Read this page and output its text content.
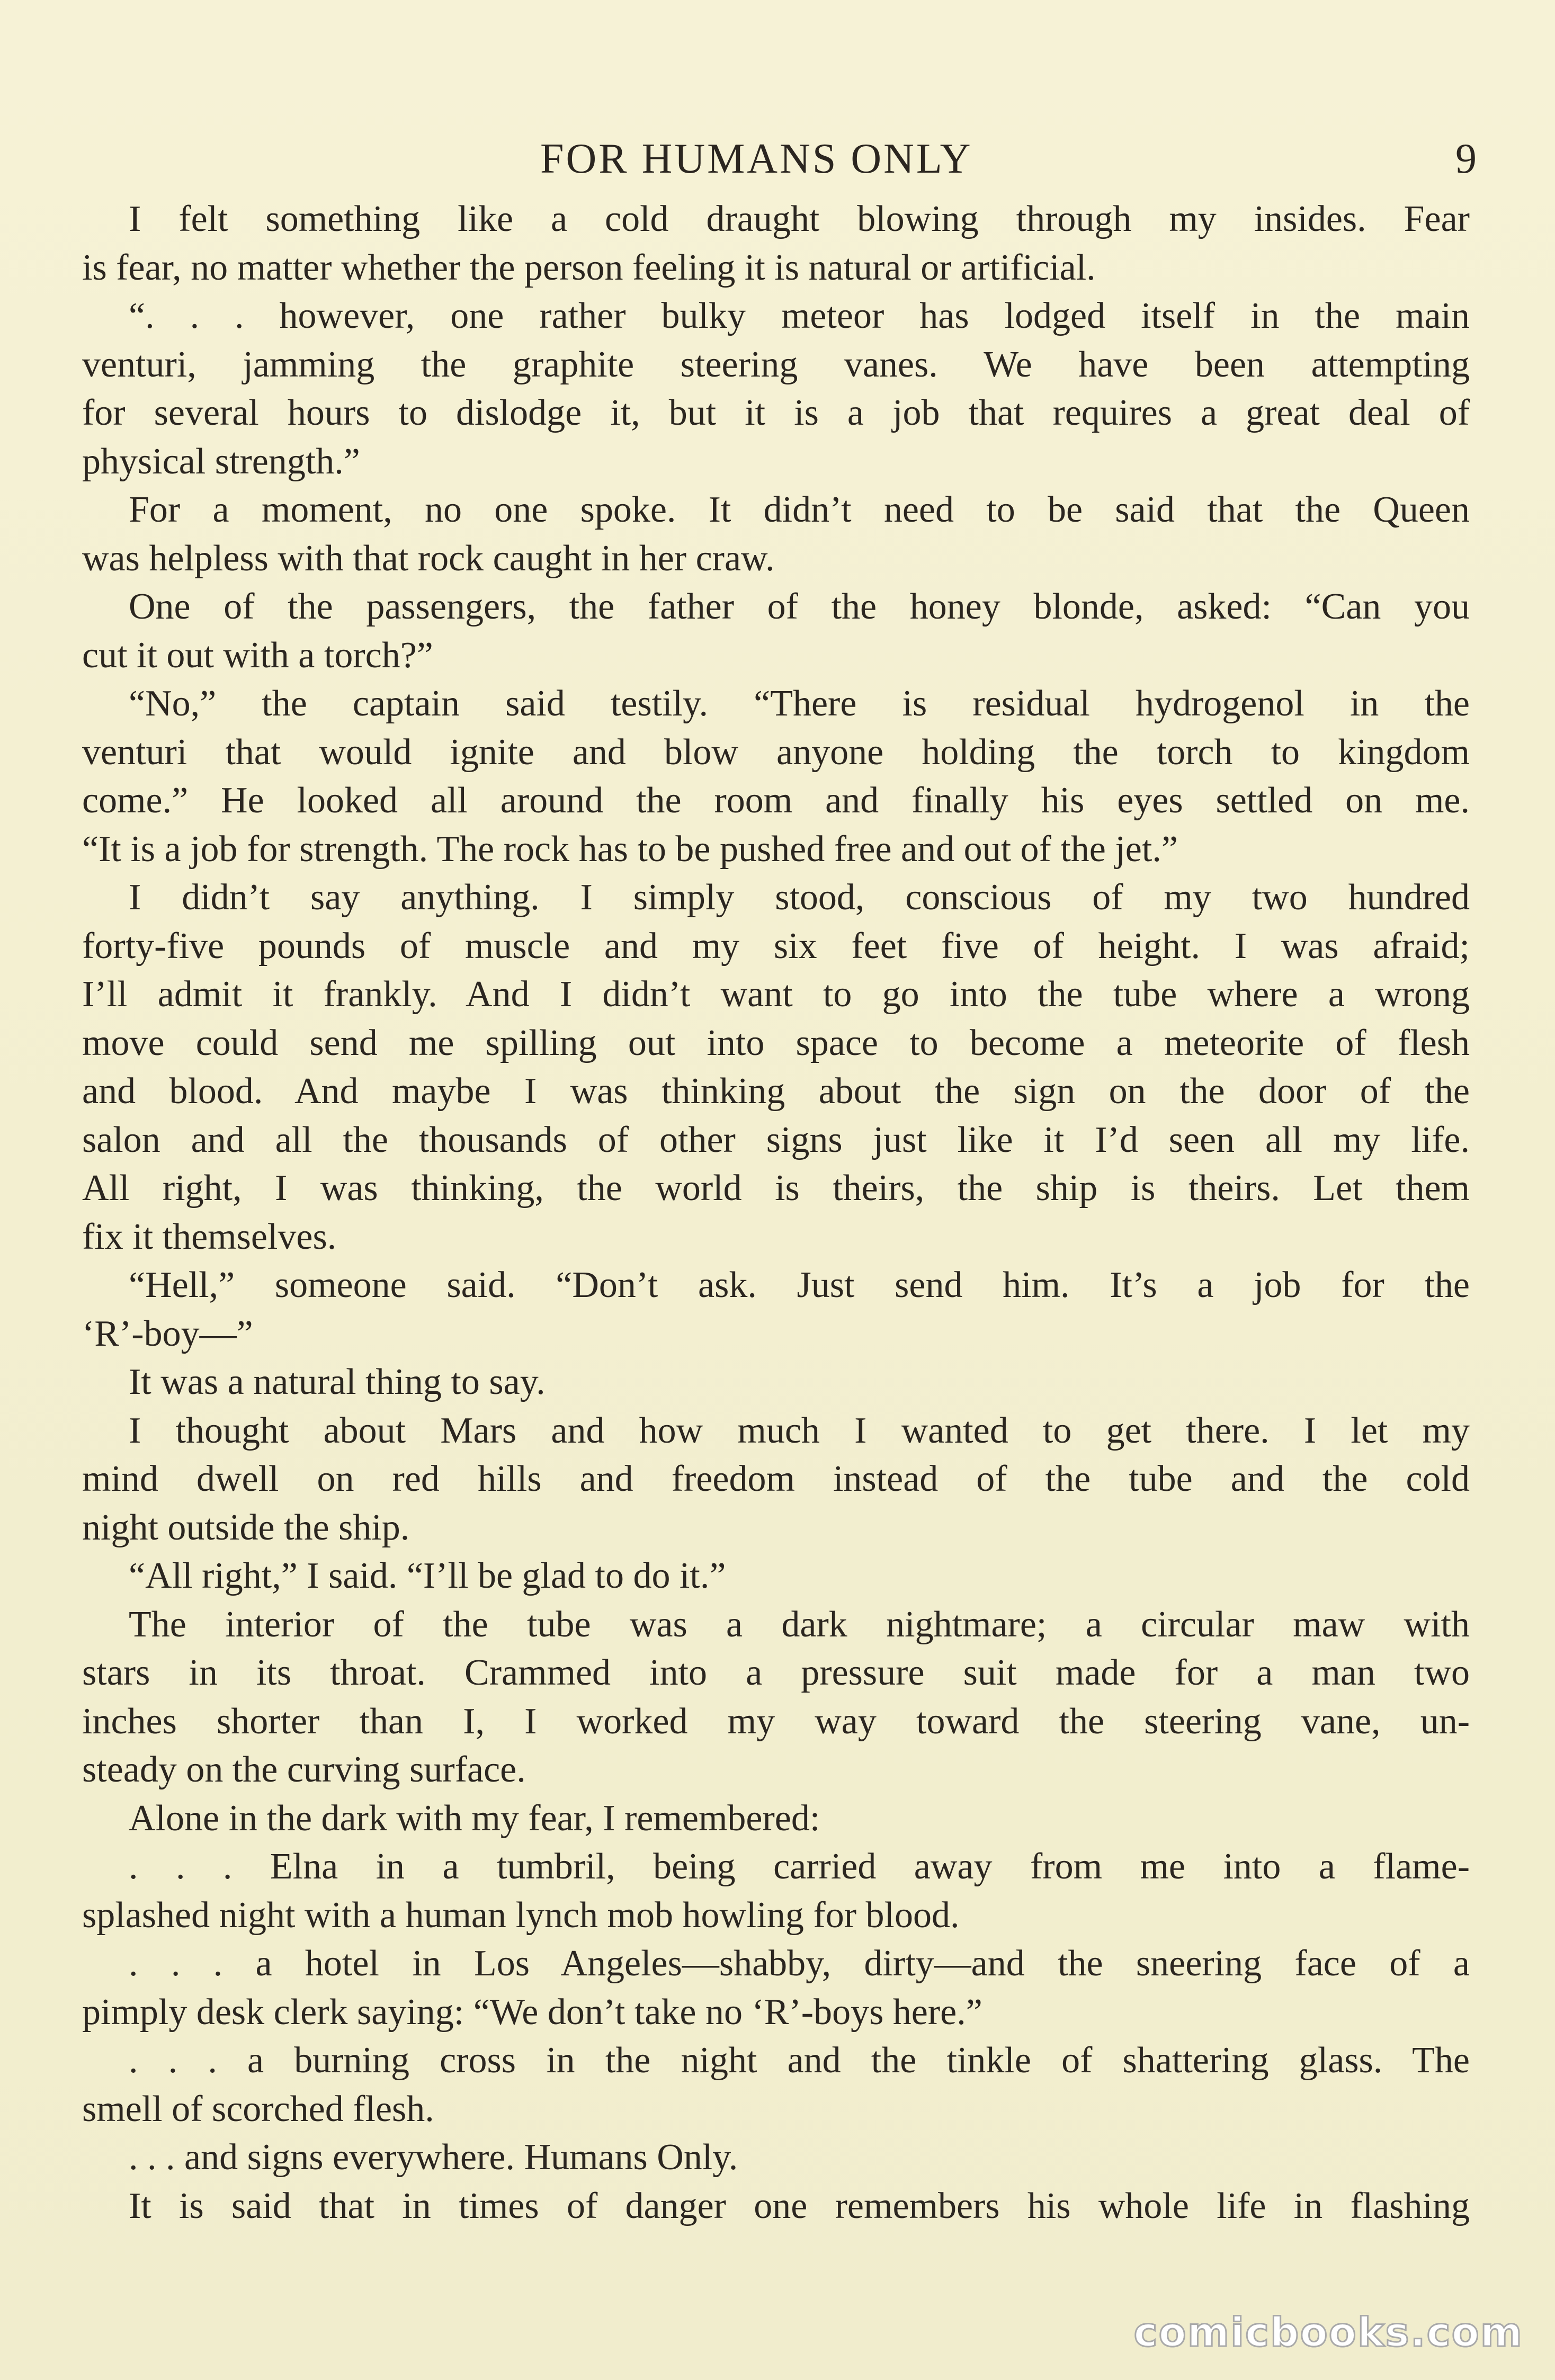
FOR HUMANS ONLY	9
I felt something like a cold draught blowing through my insides. Fear
is fear, no matter whether the person feeling it is natural or artificial.
“. . . however, one rather bulky meteor has lodged itself in the main
venturi, jamming the graphite steering vanes. We have been attempting
for several hours to dislodge it, but it is a job that requires a great deal of
physical strength.”
For a moment, no one spoke. It didn’t need to be said that the Queen
was helpless with that rock caught in her craw.
One of the passengers, the father of the honey blonde, asked: “Can you
cut it out with a torch?”
“No,” the captain said testily. “There is residual hydrogenol in the
venturi that would ignite and blow anyone holding the torch to kingdom
come.” He looked all around the room and finally his eyes settled on me.
“It is a job for strength. The rock has to be pushed free and out of the jet.”
I didn’t say anything. I simply stood, conscious of my two hundred
forty-five pounds of muscle and my six feet five of height. I was afraid;
I’ll admit it frankly. And I didn’t want to go into the tube where a wrong
move could send me spilling out into space to become a meteorite of flesh
and blood. And maybe I was thinking about the sign on the door of the
salon and all the thousands of other signs just like it I’d seen all my life.
All right, I was thinking, the world is theirs, the ship is theirs. Let them
fix it themselves.
“Hell,” someone said. “Don’t ask. Just send him. It’s a job for the
‘R’-boy—”
It was a natural thing to say.
I thought about Mars and how much I wanted to get there. I let my
mind dwell on red hills and freedom instead of the tube and the cold
night outside the ship.
“All right,” I said. “I’ll be glad to do it.”
The interior of the tube was a dark nightmare; a circular maw with
stars in its throat. Crammed into a pressure suit made for a man two
inches shorter than I, I worked my way toward the steering vane, un-
steady on the curving surface.
Alone in the dark with my fear, I remembered:
. . . Elna in a tumbril, being carried away from me into a flame-
splashed night with a human lynch mob howling for blood.
. . . a hotel in Los Angeles—shabby, dirty—and the sneering face of a
pimply desk clerk saying: “We don’t take no ‘R’-boys here.”
. . . a burning cross in the night and the tinkle of shattering glass. The
smell of scorched flesh.
. . . and signs everywhere. Humans Only.
It is said that in times of danger one remembers his whole life in flashing
comicbooks.com
